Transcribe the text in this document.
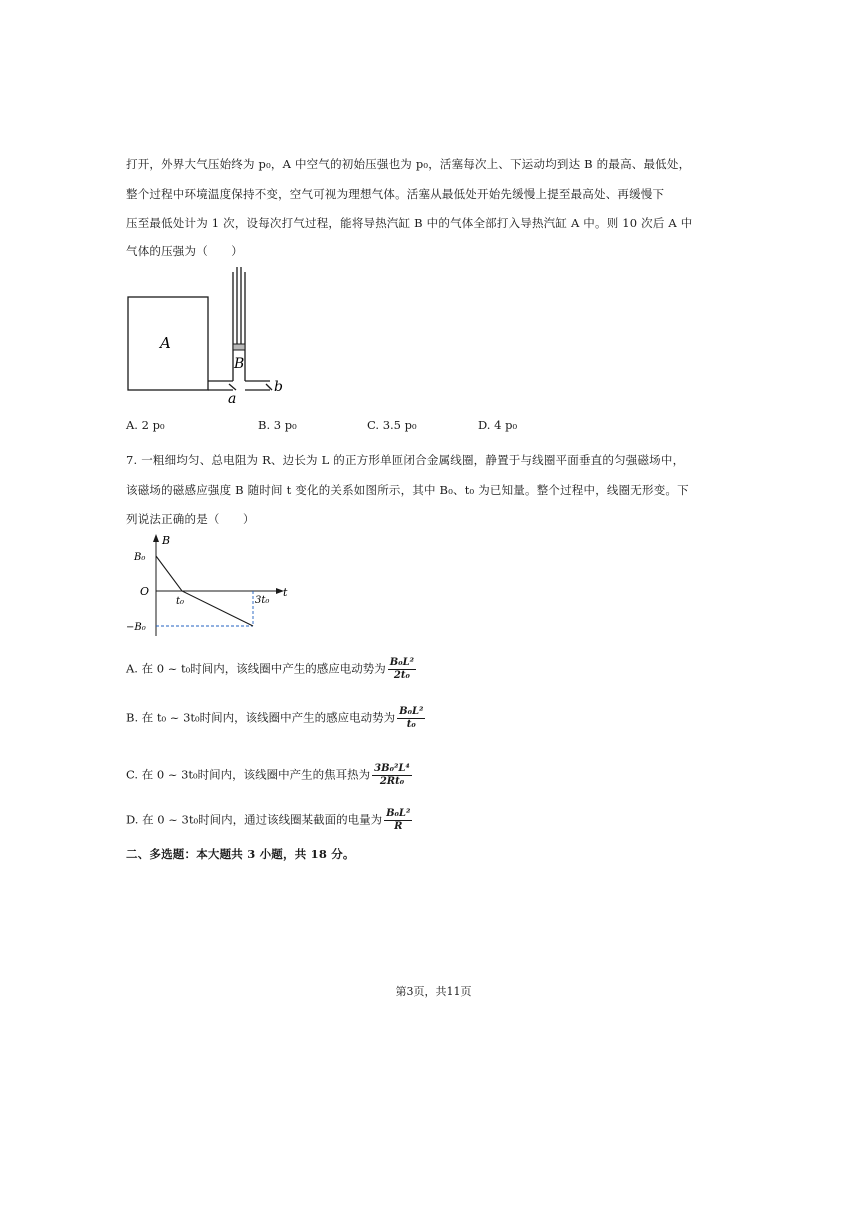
打开，外界大气压始终为 p₀，A 中空气的初始压强也为 p₀，活塞每次上、下运动均到达 B 的最高、最低处，
整个过程中环境温度保持不变，空气可视为理想气体。活塞从最低处开始先缓慢上提至最高处、再缓慢下
压至最低处计为 1 次，设每次打气过程，能将导热汽缸 B 中的气体全部打入导热汽缸 A 中。则 10 次后 A 中
气体的压强为（　　）
A
B
a
b
A. 2 p₀	B. 3 p₀	C. 3.5 p₀	D. 4 p₀
7. 一粗细均匀、总电阻为 R、边长为 L 的正方形单匝闭合金属线圈，静置于与线圈平面垂直的匀强磁场中，
该磁场的磁感应强度 B 随时间 t 变化的关系如图所示，其中 B₀、t₀ 为已知量。整个过程中，线圈无形变。下
列说法正确的是（　　）
B
t
O
B₀
−B₀
t₀	3t₀
A. 在 0 ~ t₀时间内，该线圈中产生的感应电动势为 $\frac{\text{B₀L²}}{\text{2t₀}}$
B. 在 t₀ ~ 3t₀时间内，该线圈中产生的感应电动势为 $\frac{\text{B₀L²}}{\text{t₀}}$
C. 在 0 ~ 3t₀时间内，该线圈中产生的焦耳热为 $\frac{\text{3B₀²L⁴}}{\text{2Rt₀}}$
D. 在 0 ~ 3t₀时间内，通过该线圈某截面的电量为 $\frac{\text{B₀L²}}{R}$
二、多选题：本大题共 3 小题，共 18 分。
第3页，共11页
